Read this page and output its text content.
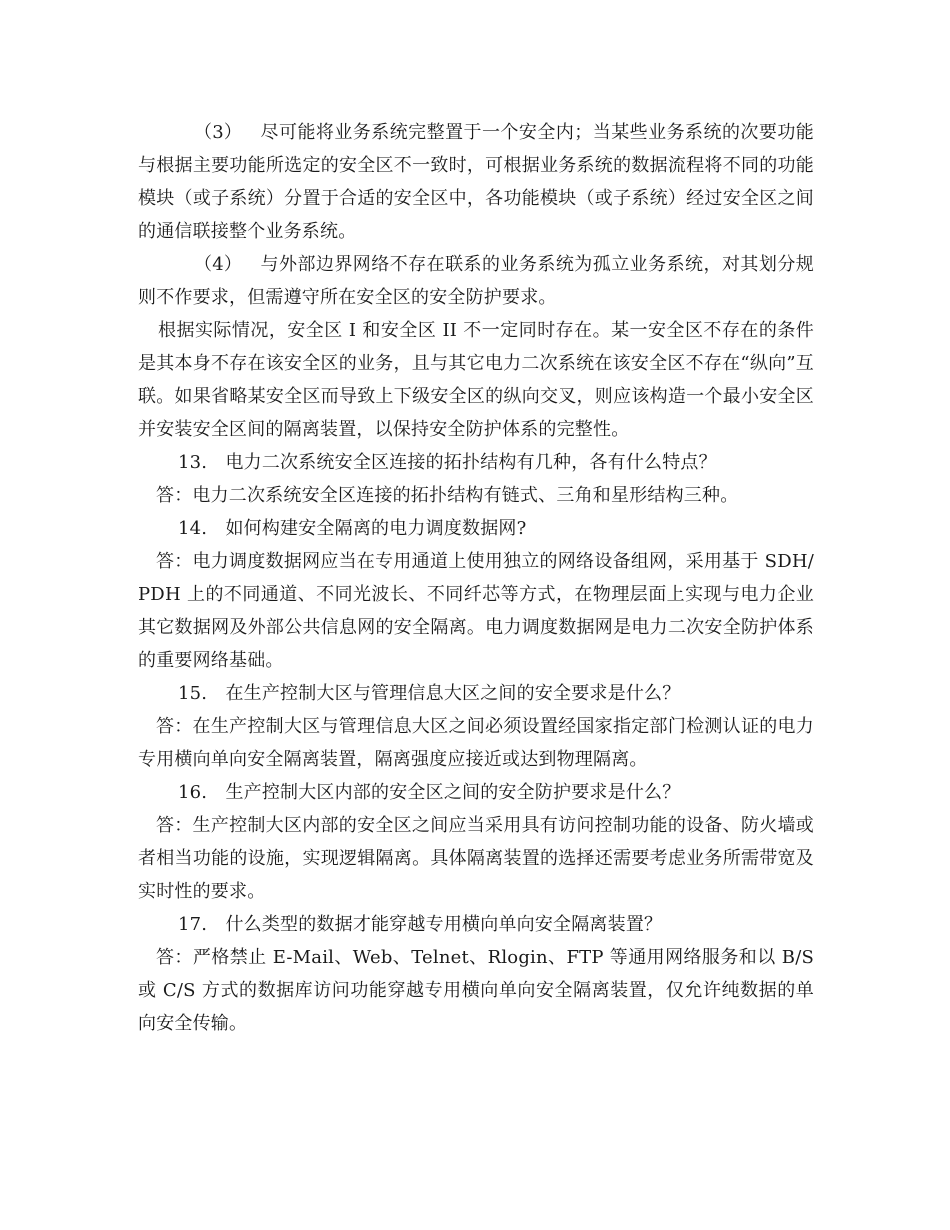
（3）  尽可能将业务系统完整置于一个安全内；当某些业务系统的次要功能与根据主要功能所选定的安全区不一致时，可根据业务系统的数据流程将不同的功能模块（或子系统）分置于合适的安全区中，各功能模块（或子系统）经过安全区之间的通信联接整个业务系统。

（4）  与外部边界网络不存在联系的业务系统为孤立业务系统，对其划分规则不作要求，但需遵守所在安全区的安全防护要求。

根据实际情况，安全区 I 和安全区 II 不一定同时存在。某一安全区不存在的条件是其本身不存在该安全区的业务，且与其它电力二次系统在该安全区不存在“纵向”互联。如果省略某安全区而导致上下级安全区的纵向交叉，则应该构造一个最小安全区并安装安全区间的隔离装置，以保持安全防护体系的完整性。

13.  电力二次系统安全区连接的拓扑结构有几种，各有什么特点？

答：电力二次系统安全区连接的拓扑结构有链式、三角和星形结构三种。

14.  如何构建安全隔离的电力调度数据网?

答：电力调度数据网应当在专用通道上使用独立的网络设备组网，采用基于 SDH/PDH 上的不同通道、不同光波长、不同纤芯等方式，在物理层面上实现与电力企业其它数据网及外部公共信息网的安全隔离。电力调度数据网是电力二次安全防护体系的重要网络基础。

15.  在生产控制大区与管理信息大区之间的安全要求是什么？

答：在生产控制大区与管理信息大区之间必须设置经国家指定部门检测认证的电力专用横向单向安全隔离装置，隔离强度应接近或达到物理隔离。

16.  生产控制大区内部的安全区之间的安全防护要求是什么？

答：生产控制大区内部的安全区之间应当采用具有访问控制功能的设备、防火墙或者相当功能的设施，实现逻辑隔离。具体隔离装置的选择还需要考虑业务所需带宽及实时性的要求。

17.  什么类型的数据才能穿越专用横向单向安全隔离装置？

答：严格禁止 E-Mail、Web、Telnet、Rlogin、FTP 等通用网络服务和以 B/S 或 C/S 方式的数据库访问功能穿越专用横向单向安全隔离装置，仅允许纯数据的单向安全传输。
